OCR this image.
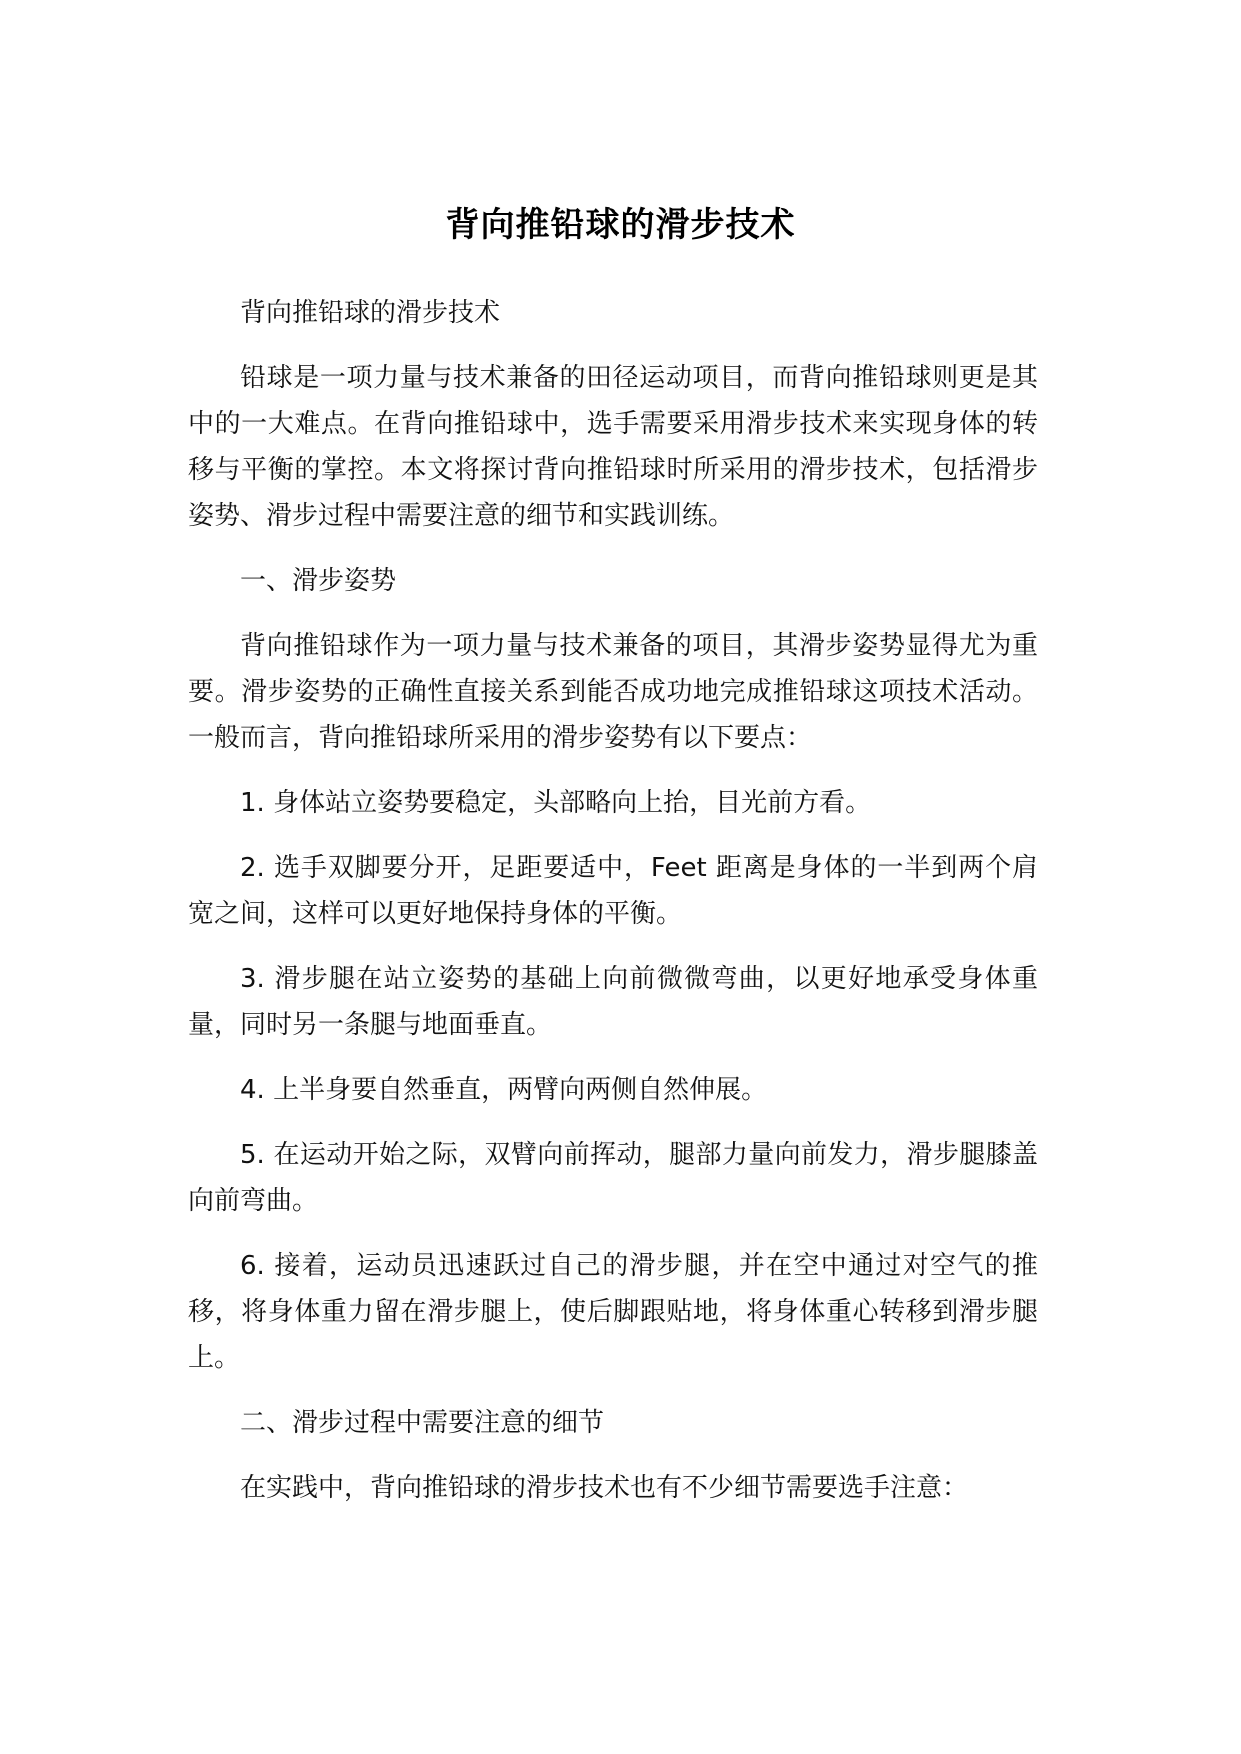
背向推铅球的滑步技术

背向推铅球的滑步技术

铅球是一项力量与技术兼备的田径运动项目，而背向推铅球则更是其中的一大难点。在背向推铅球中，选手需要采用滑步技术来实现身体的转移与平衡的掌控。本文将探讨背向推铅球时所采用的滑步技术，包括滑步姿势、滑步过程中需要注意的细节和实践训练。

一、滑步姿势

背向推铅球作为一项力量与技术兼备的项目，其滑步姿势显得尤为重要。滑步姿势的正确性直接关系到能否成功地完成推铅球这项技术活动。一般而言，背向推铅球所采用的滑步姿势有以下要点：

1. 身体站立姿势要稳定，头部略向上抬，目光前方看。

2. 选手双脚要分开，足距要适中，Feet 距离是身体的一半到两个肩宽之间，这样可以更好地保持身体的平衡。

3. 滑步腿在站立姿势的基础上向前微微弯曲，以更好地承受身体重量，同时另一条腿与地面垂直。

4. 上半身要自然垂直，两臂向两侧自然伸展。

5. 在运动开始之际，双臂向前挥动，腿部力量向前发力，滑步腿膝盖向前弯曲。

6. 接着，运动员迅速跃过自己的滑步腿，并在空中通过对空气的推移，将身体重力留在滑步腿上，使后脚跟贴地，将身体重心转移到滑步腿上。

二、滑步过程中需要注意的细节

在实践中，背向推铅球的滑步技术也有不少细节需要选手注意：
